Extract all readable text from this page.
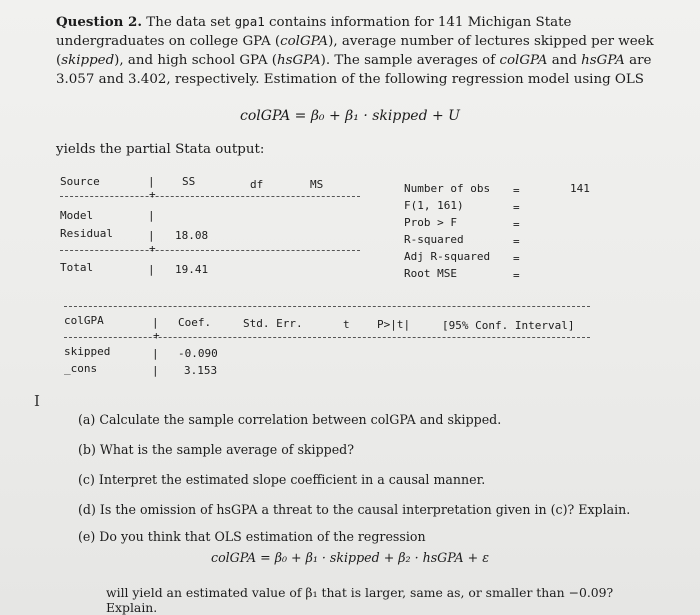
Question 2. The data set gpa1 contains information for 141 Michigan State undergraduates on college GPA (colGPA), average number of lectures skipped per week (skipped), and high school GPA (hsGPA). The sample averages of colGPA and hsGPA are 3.057 and 3.402, respectively. Estimation of the following regression model using OLS
colGPA = β₀ + β₁ · skipped + U
yields the partial Stata output:
Source	| SS	df	MS
+
Model	|
Residual	| 18.08
+
Total	| 19.41
Number of obs =	141
F(1, 161)	=
Prob > F	=
R-squared	=
Adj R-squared =
Root MSE	=
colGPA	| Coef.	Std. Err.	t P>|t|	[95% Conf. Interval]
+
skipped	| -0.090
_cons	| 3.153
I
(a) Calculate the sample correlation between colGPA and skipped.
(b) What is the sample average of skipped?
(c) Interpret the estimated slope coefficient in a causal manner.
(d) Is the omission of hsGPA a threat to the causal interpretation given in (c)? Explain.
(e) Do you think that OLS estimation of the regression
colGPA = β₀ + β₁ · skipped + β₂ · hsGPA + ε
will yield an estimated value of β₁ that is larger, same as, or smaller than −0.09? Explain.
